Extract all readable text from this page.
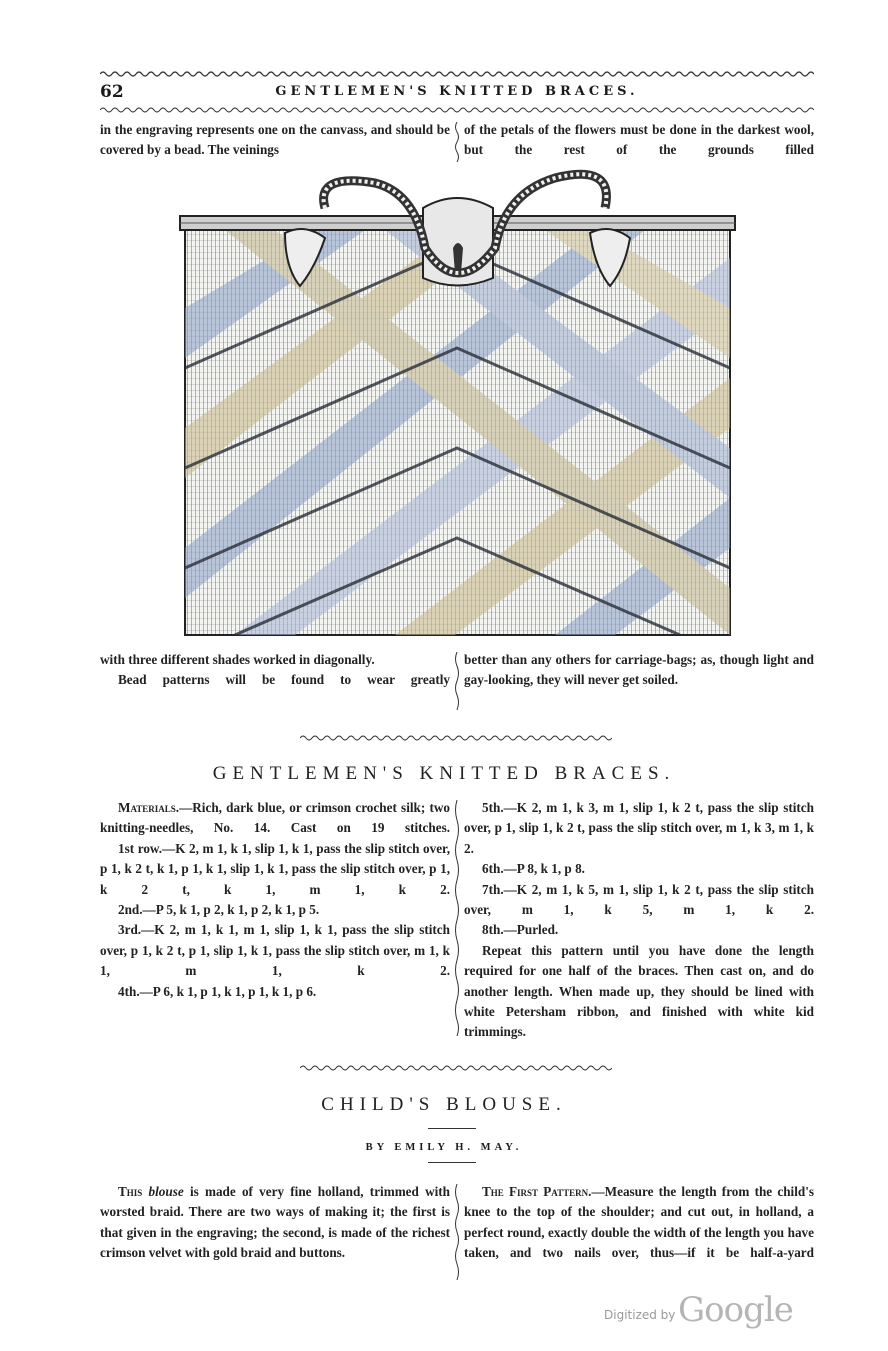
62	GENTLEMEN'S KNITTED BRACES.

in the engraving represents one on the canvass, and should be covered by a bead. The veinings

of the petals of the flowers must be done in the darkest wool, but the rest of the grounds filled

with three different shades worked in diagonally.

Bead patterns will be found to wear greatly

better than any others for carriage-bags; as, though light and gay-looking, they will never get soiled.

GENTLEMEN'S KNITTED BRACES.

Materials.—Rich, dark blue, or crimson crochet silk; two knitting-needles, No. 14. Cast on 19 stitches.

1st row.—K 2, m 1, k 1, slip 1, k 1, pass the slip stitch over, p 1, k 2 t, k 1, p 1, k 1, slip 1, k 1, pass the slip stitch over, p 1, k 2 t, k 1, m 1, k 2.

2nd.—P 5, k 1, p 2, k 1, p 2, k 1, p 5.

3rd.—K 2, m 1, k 1, m 1, slip 1, k 1, pass the slip stitch over, p 1, k 2 t, p 1, slip 1, k 1, pass the slip stitch over, m 1, k 1, m 1, k 2.

4th.—P 6, k 1, p 1, k 1, p 1, k 1, p 6.

5th.—K 2, m 1, k 3, m 1, slip 1, k 2 t, pass the slip stitch over, p 1, slip 1, k 2 t, pass the slip stitch over, m 1, k 3, m 1, k 2.

6th.—P 8, k 1, p 8.

7th.—K 2, m 1, k 5, m 1, slip 1, k 2 t, pass the slip stitch over, m 1, k 5, m 1, k 2.

8th.—Purled.

Repeat this pattern until you have done the length required for one half of the braces. Then cast on, and do another length. When made up, they should be lined with white Petersham ribbon, and finished with white kid trimmings.

CHILD'S BLOUSE.
BY EMILY H. MAY.

This blouse is made of very fine holland, trimmed with worsted braid. There are two ways of making it; the first is that given in the engraving; the second, is made of the richest crimson velvet with gold braid and buttons.

The First Pattern.—Measure the length from the child's knee to the top of the shoulder; and cut out, in holland, a perfect round, exactly double the width of the length you have taken, and two nails over, thus—if it be half-a-yard

Digitized by Google
